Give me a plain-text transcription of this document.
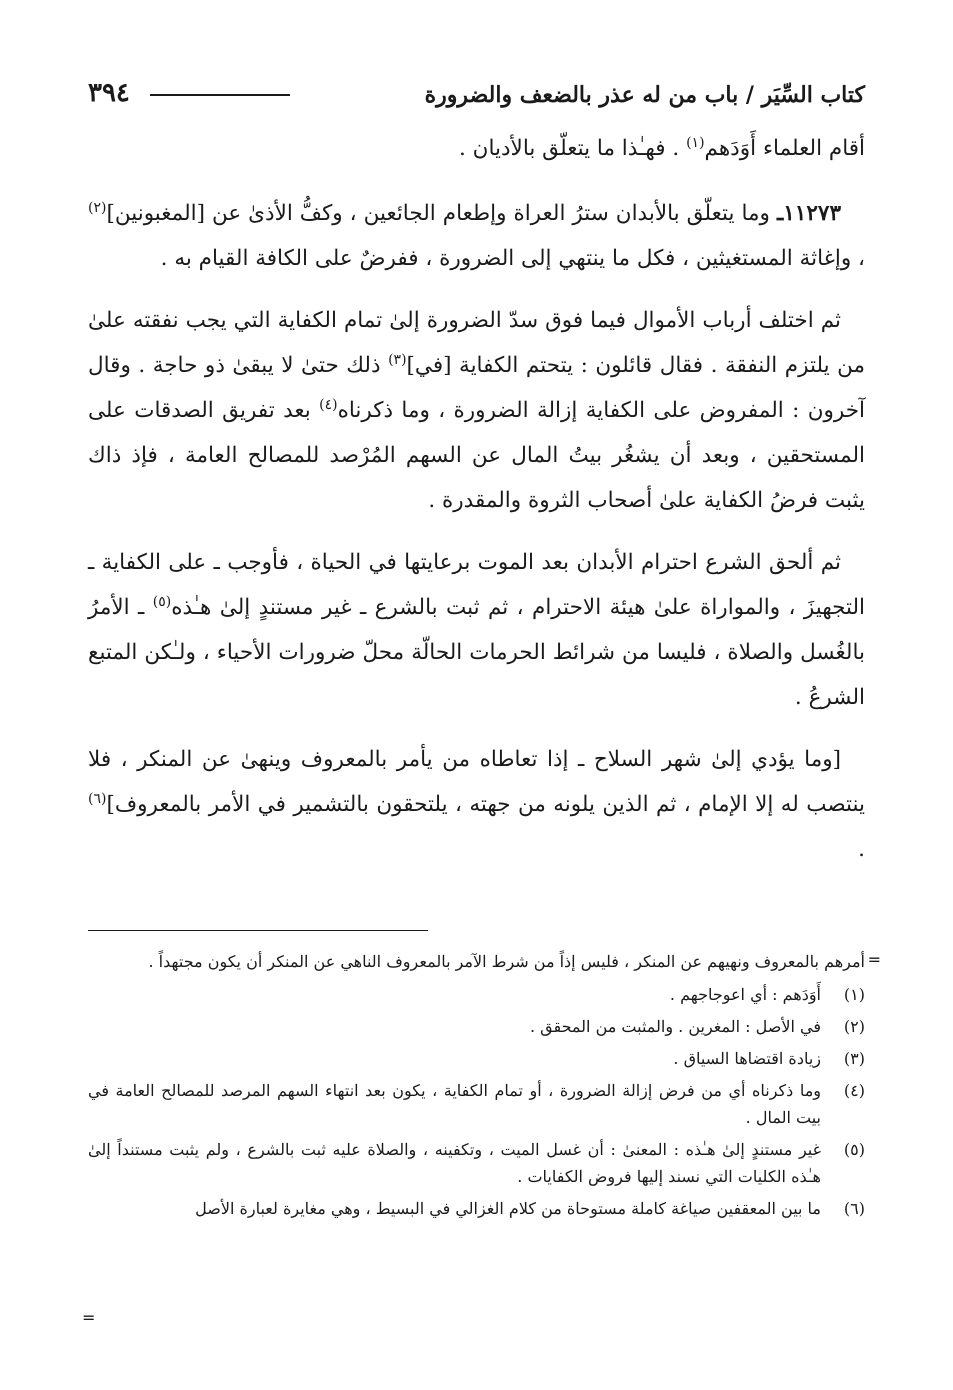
كتاب السِّيَر / باب من له عذر بالضعف والضرورة
٣٩٤

أقام العلماء أَوَدَهم$^{(١)}$ . فهـٰذا ما يتعلّق بالأديان .

١١٢٧٣ـ وما يتعلّق بالأبدان سترُ العراة وإطعام الجائعين ، وكفُّ الأذىٰ عن [المغبونين]$^{(٢)}$ ، وإغاثة المستغيثين ، فكل ما ينتهي إلى الضرورة ، ففرضٌ على الكافة القيام به .

ثم اختلف أرباب الأموال فيما فوق سدّ الضرورة إلىٰ تمام الكفاية التي يجب نفقته علىٰ من يلتزم النفقة . فقال قائلون : يتحتم الكفاية [في]$^{(٣)}$ ذلك حتىٰ لا يبقىٰ ذو حاجة . وقال آخرون : المفروض على الكفاية إزالة الضرورة ، وما ذكرناه$^{(٤)}$ بعد تفريق الصدقات على المستحقين ، وبعد أن يشغُر بيتُ المال عن السهم المُرْصد للمصالح العامة ، فإذ ذاك يثبت فرضُ الكفاية علىٰ أصحاب الثروة والمقدرة .

ثم ألحق الشرع احترام الأبدان بعد الموت برعايتها في الحياة ، فأوجب ـ على الكفاية ـ التجهيزَ ، والمواراة علىٰ هيئة الاحترام ، ثم ثبت بالشرع ـ غير مستندٍ إلىٰ هـٰذه$^{(٥)}$ ـ الأمرُ بالغُسل والصلاة ، فليسا من شرائط الحرمات الحالّة محلّ ضرورات الأحياء ، ولـٰكن المتبع الشرعُ .

[وما يؤدي إلىٰ شهر السلاح ـ إذا تعاطاه من يأمر بالمعروف وينهىٰ عن المنكر ، فلا ينتصب له إلا الإمام ، ثم الذين يلونه من جهته ، يلتحقون بالتشمير في الأمر بالمعروف]$^{(٦)}$ .

=

أمرهم بالمعروف ونهيهم عن المنكر ، فليس إذاً من شرط الآمر بالمعروف الناهي عن المنكر أن يكون مجتهداً .

(١)
أَوَدَهم : أي اعوجاجهم .
(٢)
في الأصل : المغرين . والمثبت من المحقق .
(٣)
زيادة اقتضاها السياق .
(٤)
وما ذكرناه أي من فرض إزالة الضرورة ، أو تمام الكفاية ، يكون بعد انتهاء السهم المرصد للمصالح العامة في بيت المال .
(٥)
غير مستندٍ إلىٰ هـٰذه : المعنىٰ : أن غسل الميت ، وتكفينه ، والصلاة عليه ثبت بالشرع ، ولم يثبت مستنداً إلىٰ هـٰذه الكليات التي نسند إليها فروض الكفايات .
(٦)
ما بين المعقفين صياغة كاملة مستوحاة من كلام الغزالي في البسيط ، وهي مغايرة لعبارة الأصل
=
